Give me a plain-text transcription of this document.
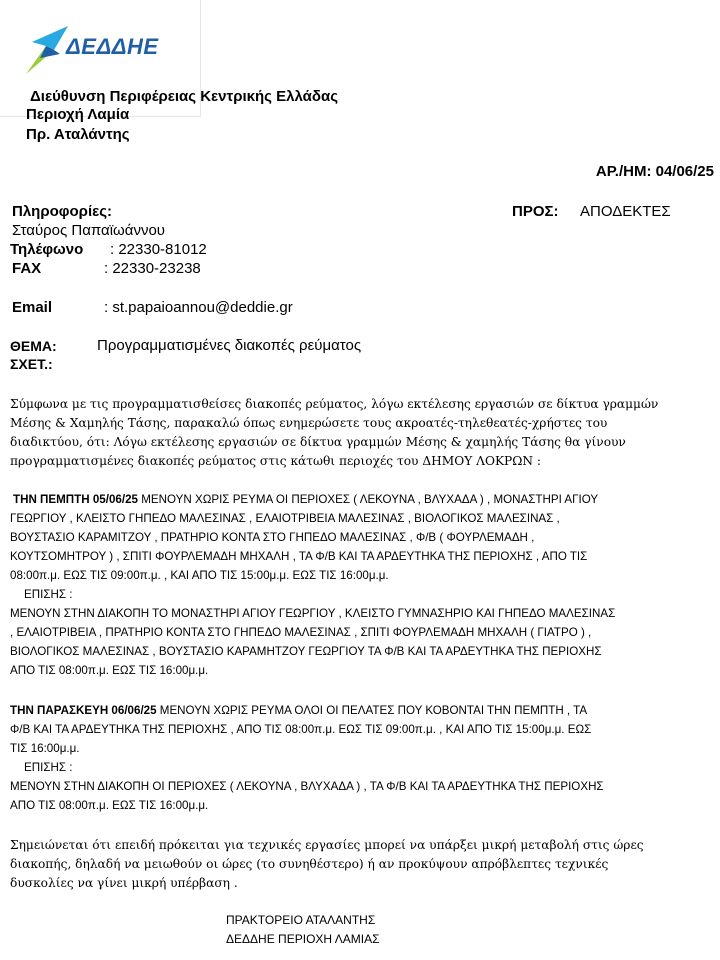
ΔΕΔΔΗΕ
Διεύθυνση Περιφέρειας Κεντρικής Ελλάδας
Περιοχή Λαμία
Πρ. Αταλάντης
ΑΡ./ΗΜ: 04/06/25
Πληροφορίες:
Σταύρος Παπαϊωάννου
Τηλέφωνο : 22330-81012
FAX	: 22330-23238
Email	: st.papaioannou@deddie.gr
ΠΡΟΣ: ΑΠΟΔΕΚΤΕΣ
ΘΕΜΑ:	Προγραμματισμένες διακοπές ρεύματος
ΣΧΕΤ.:
Σύμφωνα με τις προγραμματισθείσες διακοπές ρεύματος, λόγω εκτέλεσης εργασιών σε δίκτυα γραμμών
Μέσης & Χαμηλής Τάσης, παρακαλώ όπως ενημερώσετε τους ακροατές-τηλεθεατές-χρήστες του
διαδικτύου, ότι: Λόγω εκτέλεσης εργασιών σε δίκτυα γραμμών Μέσης & χαμηλής Τάσης θα γίνουν
προγραμματισμένες διακοπές ρεύματος στις κάτωθι περιοχές του ΔΗΜΟΥ ΛΟΚΡΩΝ :
ΤΗΝ ΠΕΜΠΤΗ 05/06/25 ΜΕΝΟΥΝ ΧΩΡΙΣ ΡΕΥΜΑ ΟΙ ΠΕΡΙΟΧΕΣ ( ΛΕΚΟΥΝΑ , ΒΛΥΧΑΔΑ ) , ΜΟΝΑΣΤΗΡΙ ΑΓΙΟΥ
ΓΕΩΡΓΙΟΥ , ΚΛΕΙΣΤΟ ΓΗΠΕΔΟ ΜΑΛΕΣΙΝΑΣ , ΕΛΑΙΟΤΡΙΒΕΙΑ ΜΑΛΕΣΙΝΑΣ , ΒΙΟΛΟΓΙΚΟΣ ΜΑΛΕΣΙΝΑΣ ,
ΒΟΥΣΤΑΣΙΟ ΚΑΡΑΜΙΤΖΟΥ , ΠΡΑΤΗΡΙΟ ΚΟΝΤΑ ΣΤΟ ΓΗΠΕΔΟ ΜΑΛΕΣΙΝΑΣ , Φ/Β ( ΦΟΥΡΛΕΜΑΔΗ ,
ΚΟΥΤΣΟΜΗΤΡΟΥ ) , ΣΠΙΤΙ ΦΟΥΡΛΕΜΑΔΗ ΜΗΧΑΛΗ , ΤΑ Φ/Β ΚΑΙ ΤΑ ΑΡΔΕΥΤΗΚΑ ΤΗΣ ΠΕΡΙΟΧΗΣ , ΑΠΟ ΤΙΣ
08:00π.μ. ΕΩΣ ΤΙΣ 09:00π.μ. , ΚΑΙ ΑΠΟ ΤΙΣ 15:00μ.μ. ΕΩΣ ΤΙΣ 16:00μ.μ.
ΕΠΙΣΗΣ :
ΜΕΝΟΥΝ ΣΤΗΝ ΔΙΑΚΟΠΗ ΤΟ ΜΟΝΑΣΤΗΡΙ ΑΓΙΟΥ ΓΕΩΡΓΙΟΥ , ΚΛΕΙΣΤΟ ΓΥΜΝΑΣΗΡΙΟ ΚΑΙ ΓΗΠΕΔΟ ΜΑΛΕΣΙΝΑΣ
, ΕΛΑΙΟΤΡΙΒΕΙΑ , ΠΡΑΤΗΡΙΟ ΚΟΝΤΑ ΣΤΟ ΓΗΠΕΔΟ ΜΑΛΕΣΙΝΑΣ , ΣΠΙΤΙ ΦΟΥΡΛΕΜΑΔΗ ΜΗΧΑΛΗ ( ΓΙΑΤΡΟ ) ,
ΒΙΟΛΟΓΙΚΟΣ ΜΑΛΕΣΙΝΑΣ , ΒΟΥΣΤΑΣΙΟ ΚΑΡΑΜΗΤΖΟΥ ΓΕΩΡΓΙΟΥ ΤΑ Φ/Β ΚΑΙ ΤΑ ΑΡΔΕΥΤΗΚΑ ΤΗΣ ΠΕΡΙΟΧΗΣ
ΑΠΟ ΤΙΣ 08:00π.μ. ΕΩΣ ΤΙΣ 16:00μ.μ.
ΤΗΝ ΠΑΡΑΣΚΕΥΗ 06/06/25 ΜΕΝΟΥΝ ΧΩΡΙΣ ΡΕΥΜΑ ΟΛΟΙ ΟΙ ΠΕΛΑΤΕΣ ΠΟΥ ΚΟΒΟΝΤΑΙ ΤΗΝ ΠΕΜΠΤΗ , ΤΑ
Φ/Β ΚΑΙ ΤΑ ΑΡΔΕΥΤΗΚΑ ΤΗΣ ΠΕΡΙΟΧΗΣ , ΑΠΟ ΤΙΣ 08:00π.μ. ΕΩΣ ΤΙΣ 09:00π.μ. , ΚΑΙ ΑΠΟ ΤΙΣ 15:00μ.μ. ΕΩΣ
ΤΙΣ 16:00μ.μ.
ΕΠΙΣΗΣ :
ΜΕΝΟΥΝ ΣΤΗΝ ΔΙΑΚΟΠΗ ΟΙ ΠΕΡΙΟΧΕΣ ( ΛΕΚΟΥΝΑ , ΒΛΥΧΑΔΑ ) , ΤΑ Φ/Β ΚΑΙ ΤΑ ΑΡΔΕΥΤΗΚΑ ΤΗΣ ΠΕΡΙΟΧΗΣ
ΑΠΟ ΤΙΣ 08:00π.μ. ΕΩΣ ΤΙΣ 16:00μ.μ.
Σημειώνεται ότι επειδή πρόκειται για τεχνικές εργασίες μπορεί να υπάρξει μικρή μεταβολή στις ώρες
διακοπής, δηλαδή να μειωθούν οι ώρες (το συνηθέστερο) ή αν προκύψουν απρόβλεπτες τεχνικές
δυσκολίες να γίνει μικρή υπέρβαση .
ΠΡΑΚΤΟΡΕΙΟ ΑΤΑΛΑΝΤΗΣ
ΔΕΔΔΗΕ ΠΕΡΙΟΧΗ ΛΑΜΙΑΣ
